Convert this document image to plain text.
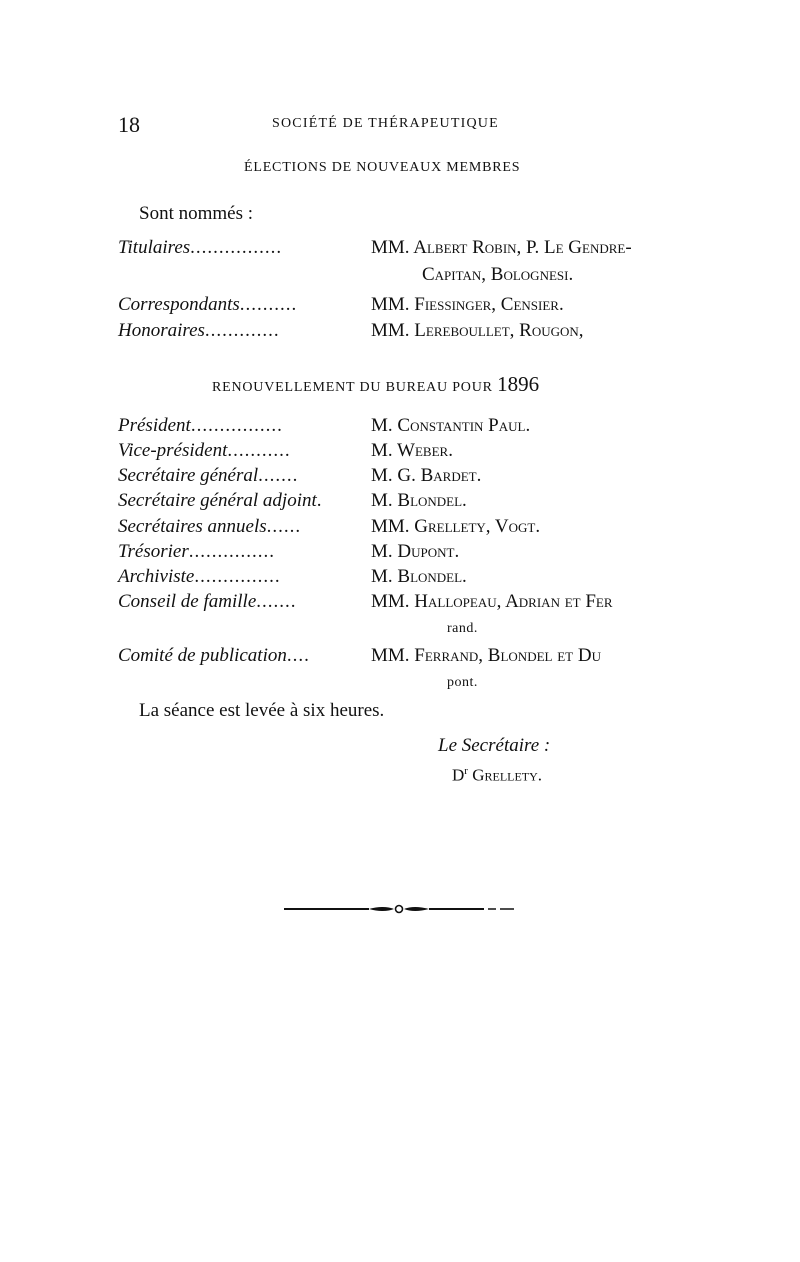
18	SOCIÉTÉ DE THÉRAPEUTIQUE
ÉLECTIONS DE NOUVEAUX MEMBRES
Sont nommés :
Titulaires................	MM. Albert Robin, P. Le Gendre-
Capitan, Bolognesi.
Correspondants..........	MM. Fiessinger, Censier.
Honoraires.............	MM. Lereboullet, Rougon,
RENOUVELLEMENT DU BUREAU POUR 1896
Président................	M. Constantin Paul.
Vice-président...........	M. Weber.
Secrétaire général.......	M. G. Bardet.
Secrétaire général adjoint.	M. Blondel.
Secrétaires annuels......	MM. Grellety, Vogt.
Trésorier...............	M. Dupont.
Archiviste...............	M. Blondel.
Conseil de famille.......	MM. Hallopeau, Adrian et Fer
rand.
Comité de publication....	MM. Ferrand, Blondel et Du
pont.
La séance est levée à six heures.
Le Secrétaire :
$D^r$ Grellety.
